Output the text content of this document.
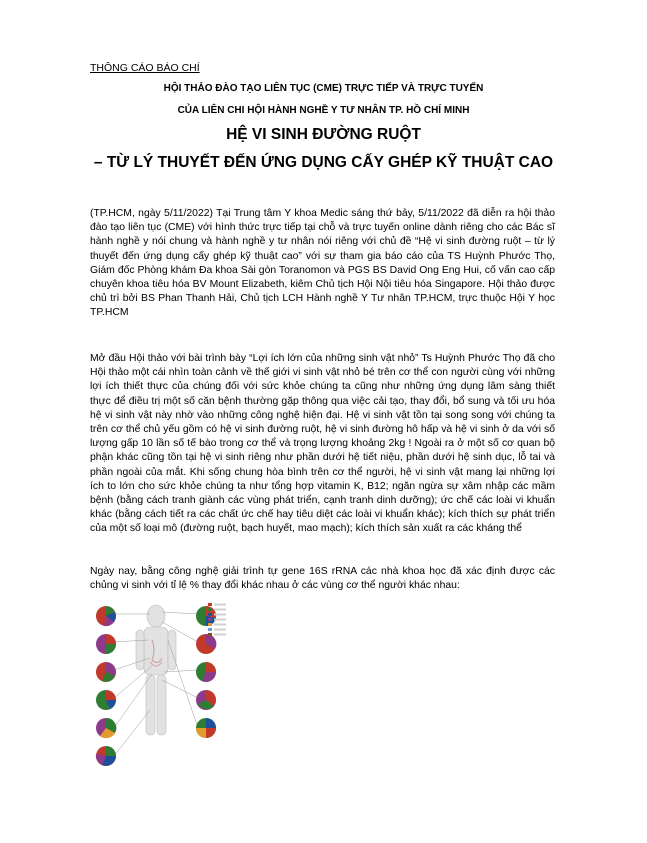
THÔNG CÁO BÁO CHÍ
HỘI THẢO ĐÀO TẠO LIÊN TỤC (CME) TRỰC TIẾP VÀ TRỰC TUYẾN
CỦA LIÊN CHI HỘI HÀNH NGHỀ Y TƯ NHÂN TP. HỒ CHÍ MINH
HỆ VI SINH ĐƯỜNG RUỘT
– TỪ LÝ THUYẾT ĐẾN ỨNG DỤNG CẤY GHÉP KỸ THUẬT CAO

(TP.HCM, ngày 5/11/2022) Tại Trung tâm Y khoa Medic sáng thứ bảy, 5/11/2022 đã diễn ra hội thảo đào tạo liên tục (CME) với hình thức trực tiếp tại chỗ và trực tuyến online dành riêng cho các Bác sĩ hành nghề y nói chung và hành nghề y tư nhân nói riêng với chủ đề “Hệ vi sinh đường ruột – từ lý thuyết đến ứng dụng cấy ghép kỹ thuật cao” với sự tham gia báo cáo của TS Huỳnh Phước Thọ, Giám đốc Phòng khám Đa khoa Sài gòn Toranomon và PGS BS David Ong Eng Hui, cố vấn cao cấp chuyên khoa tiêu hóa BV Mount Elizabeth, kiêm Chủ tịch Hội Nội tiêu hóa Singapore. Hội thảo được chủ trì bởi BS Phan Thanh Hải, Chủ tịch LCH Hành nghề Y Tư nhân TP.HCM, trực thuộc Hội Y học TP.HCM

Mở đầu Hội thảo với bài trình bày “Lợi ích lớn của những sinh vật nhỏ” Ts Huỳnh Phước Thọ đã cho Hội thảo một cái nhìn toàn cảnh về thế giới vi sinh vật nhỏ bé trên cơ thể con người cùng với những lợi ích thiết thực của chúng đối với sức khỏe chúng ta cũng như những ứng dụng lâm sàng thiết thực để điều trị một số căn bệnh thường gặp thông qua việc cải tạo, thay đổi, bổ sung và tối ưu hóa hệ vi sinh vật này nhờ vào những công nghệ hiện đại. Hệ vi sinh vật tồn tại song song với chúng ta trên cơ thể chủ yếu gồm có hệ vi sinh đường ruột, hệ vi sinh đường hô hấp và hệ vi sinh ở da với số lượng gấp 10 lần số tế bào trong cơ thể và trọng lượng khoảng 2kg ! Ngoài ra ở một số cơ quan bộ phận khác cũng tồn tại hệ vi sinh riêng như phần dưới hệ tiết niệu, phần dưới hệ sinh dục, lỗ tai và phần ngoài của mắt. Khi sống chung hòa bình trên cơ thể người, hệ vi sinh vật mang lại những lợi ích to lớn cho sức khỏe chúng ta như tổng hợp vitamin K, B12; ngăn ngừa sự xâm nhập các mầm bệnh (bằng cách tranh giành các vùng phát triển, cạnh tranh dinh dưỡng); ức chế các loài vi khuẩn khác (bằng cách tiết ra các chất ức chế hay tiêu diệt các loài vi khuẩn khác); kích thích sự phát triển của một số loại mô (đường ruột, bạch huyết, mao mạch); kích thích sản xuất ra các kháng thể

Ngày nay, bằng công nghệ giải trình tự gene 16S rRNA các nhà khoa học đã xác định được các chủng vi sinh với tỉ lệ % thay đổi khác nhau ở các vùng cơ thể người khác nhau:
